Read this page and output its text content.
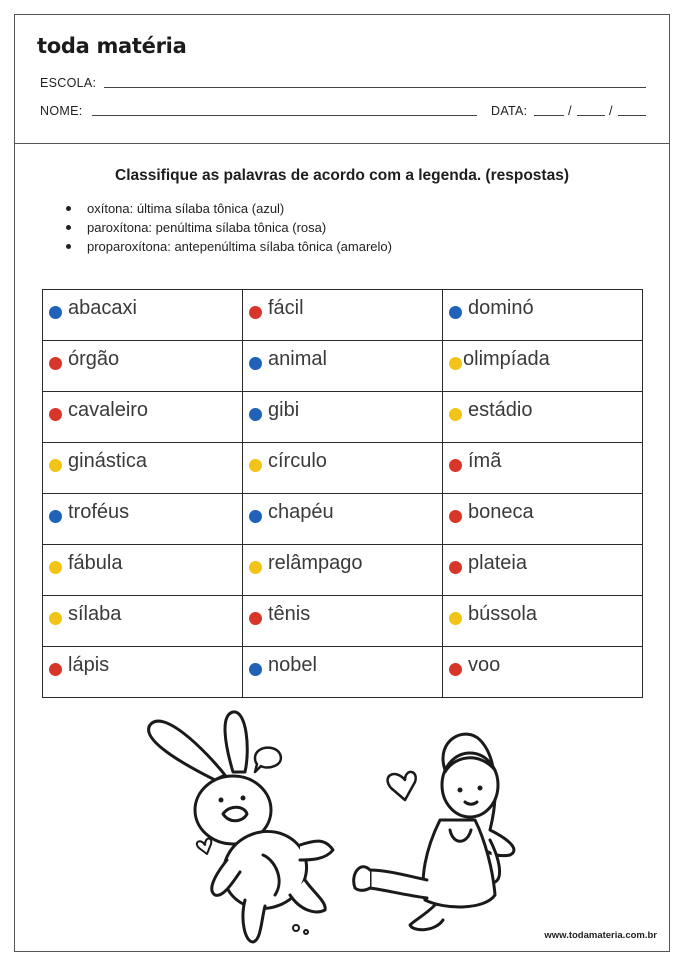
toda matéria
ESCOLA:
NOME:	DATA:	/	/
Classifique as palavras de acordo com a legenda. (respostas)
oxítona: última sílaba tônica (azul)
paroxítona: penúltima sílaba tônica (rosa)
proparoxítona: antepenúltima sílaba tônica (amarelo)
abacaxi	fácil	dominó

órgão	animal	olimpíada

cavaleiro	gibi	estádio

ginástica	círculo	ímã

troféus	chapéu	boneca

fábula	relâmpago	plateia

sílaba	tênis	bússola

lápis	nobel	voo
www.todamateria.com.br
